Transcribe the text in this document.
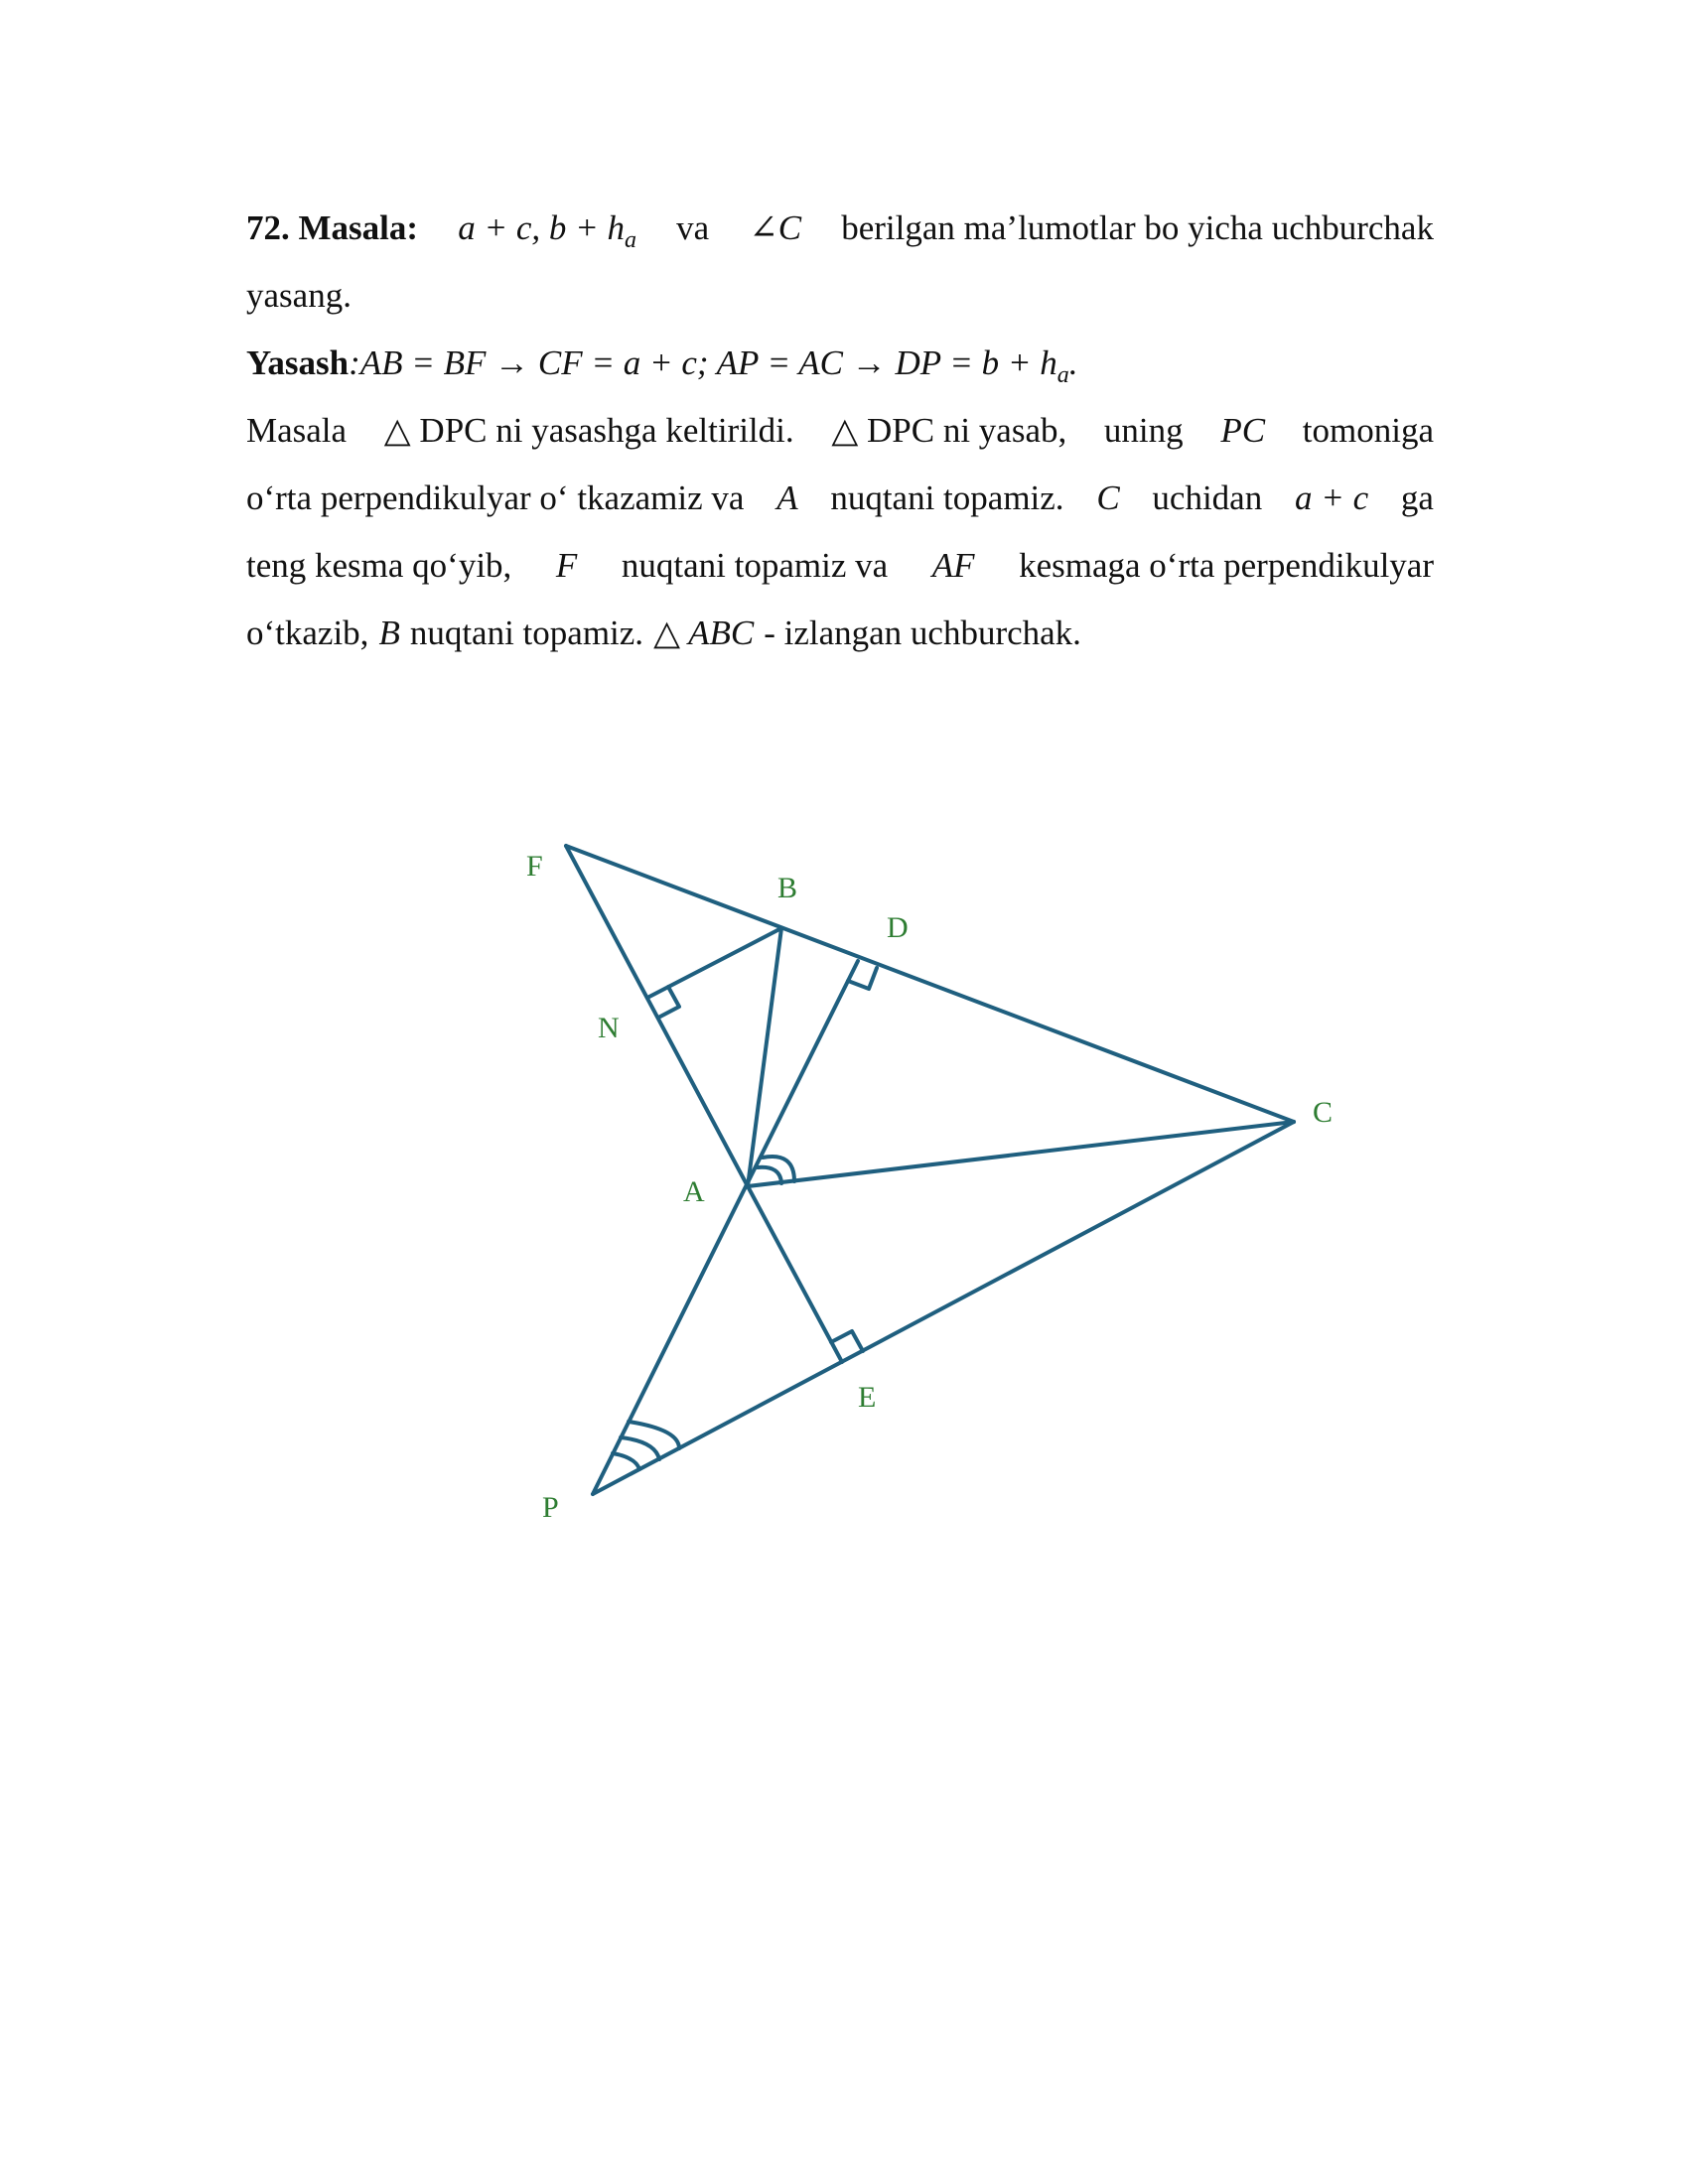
72. Masala: a + c, $b + h_a$ va ∠C berilgan ma’lumotlar bo yicha uchburchak
yasang.
Yasash :AB = BF → CF = a + c; AP = AC → DP = $b + h_a$.
Masala △ DPC ni yasashga keltirildi. △ DPC ni yasab, uning PC tomoniga
o‘rta perpendikulyar o‘ tkazamiz va A nuqtani topamiz. C uchidan a + c ga
teng kesma qo‘yib, F nuqtani topamiz va AF kesmaga o‘rta perpendikulyar
o‘tkazib, B nuqtani topamiz. △ ABC - izlangan uchburchak.
F
B
D
N
C
A
E
P
